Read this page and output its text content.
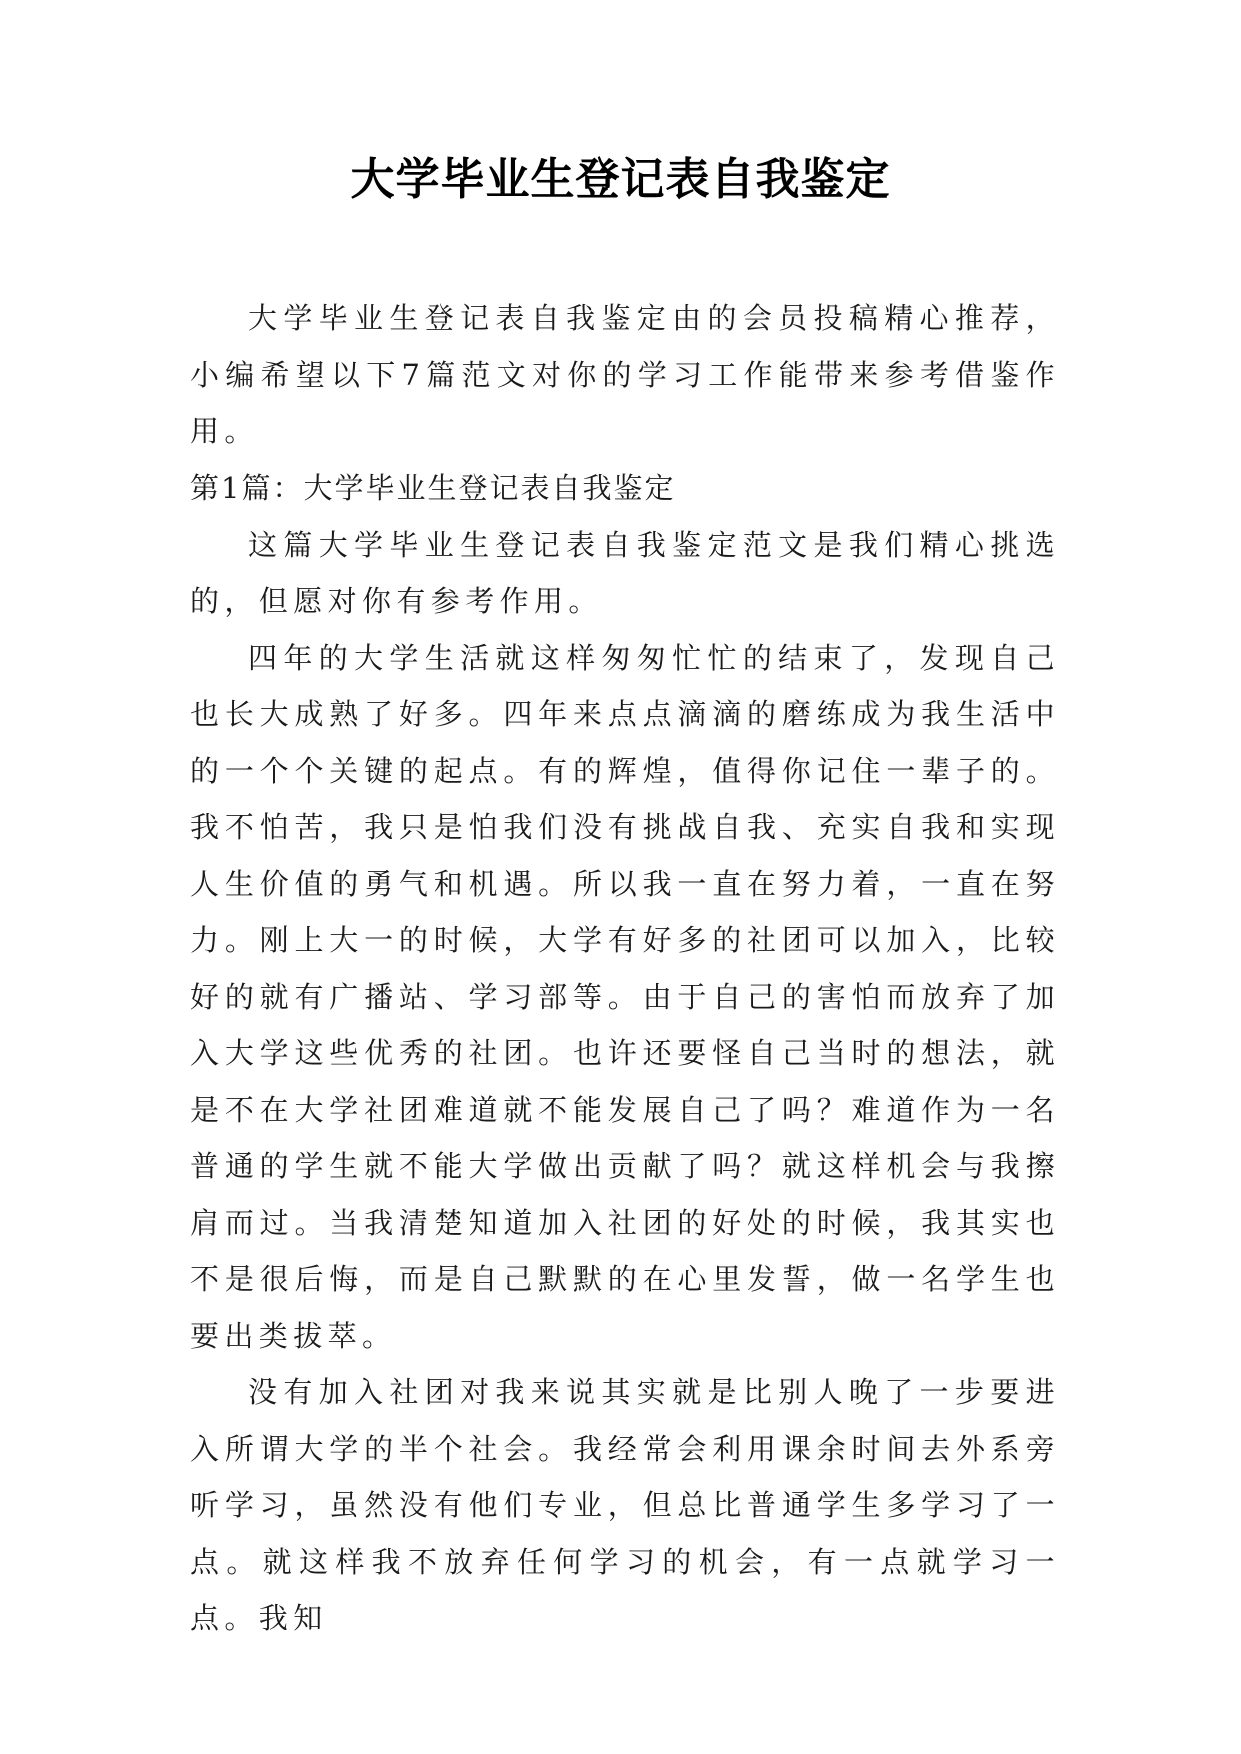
大学毕业生登记表自我鉴定

大学毕业生登记表自我鉴定由的会员投稿精心推荐，小编希望以下7篇范文对你的学习工作能带来参考借鉴作用。

第1篇：大学毕业生登记表自我鉴定

这篇大学毕业生登记表自我鉴定范文是我们精心挑选的，但愿对你有参考作用。

四年的大学生活就这样匆匆忙忙的结束了，发现自己也长大成熟了好多。四年来点点滴滴的磨练成为我生活中的一个个关键的起点。有的辉煌，值得你记住一辈子的。我不怕苦，我只是怕我们没有挑战自我、充实自我和实现人生价值的勇气和机遇。所以我一直在努力着，一直在努力。刚上大一的时候，大学有好多的社团可以加入，比较好的就有广播站、学习部等。由于自己的害怕而放弃了加入大学这些优秀的社团。也许还要怪自己当时的想法，就是不在大学社团难道就不能发展自己了吗？难道作为一名普通的学生就不能大学做出贡献了吗？就这样机会与我擦肩而过。当我清楚知道加入社团的好处的时候，我其实也不是很后悔，而是自己默默的在心里发誓，做一名学生也要出类拔萃。

没有加入社团对我来说其实就是比别人晚了一步要进入所谓大学的半个社会。我经常会利用课余时间去外系旁听学习，虽然没有他们专业，但总比普通学生多学习了一点。就这样我不放弃任何学习的机会，有一点就学习一点。我知
